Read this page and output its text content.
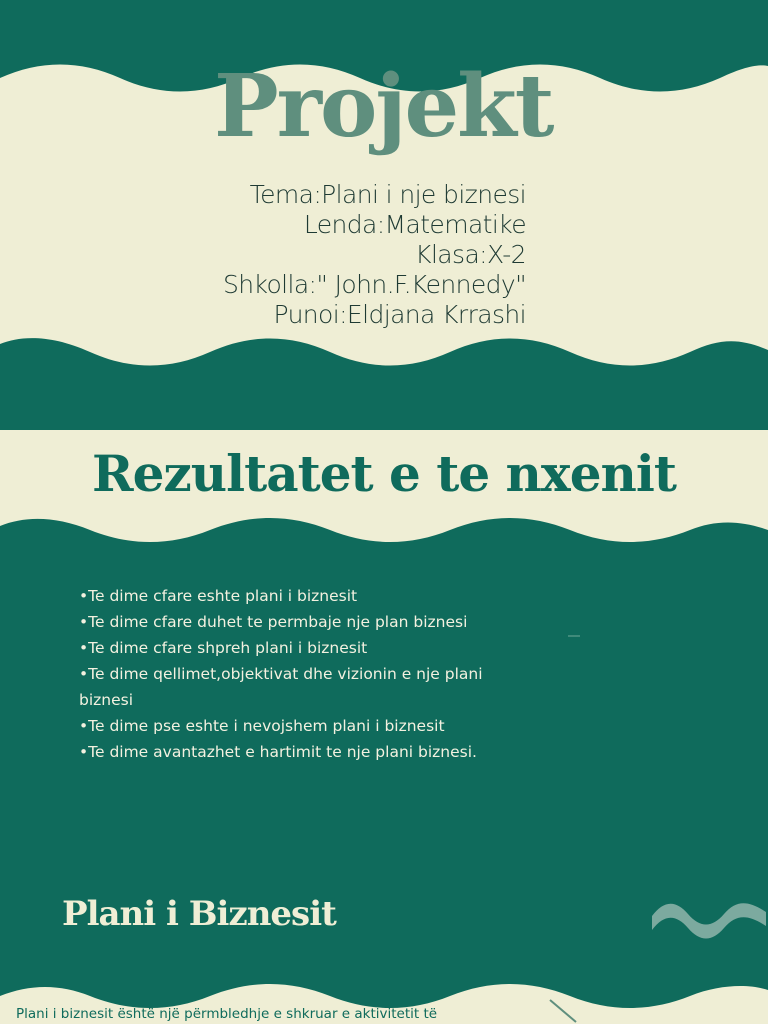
Projekt
Tema:Plani i nje biznesi
Lenda:Matematike
Klasa:X-2
Shkolla:" John.F.Kennedy"
Punoi:Eldjana Krrashi
Rezultatet e te nxenit
•Te dime cfare eshte plani i biznesit
•Te dime cfare duhet te permbaje nje plan biznesi
•Te dime cfare shpreh plani i biznesit
•Te dime qellimet,objektivat dhe vizionin e nje plani biznesi
•Te dime pse eshte i nevojshem plani i biznesit
•Te dime avantazhet e hartimit te nje plani biznesi.
Plani i Biznesit
Plani i biznesit është një përmbledhje e shkruar e aktivitetit të
